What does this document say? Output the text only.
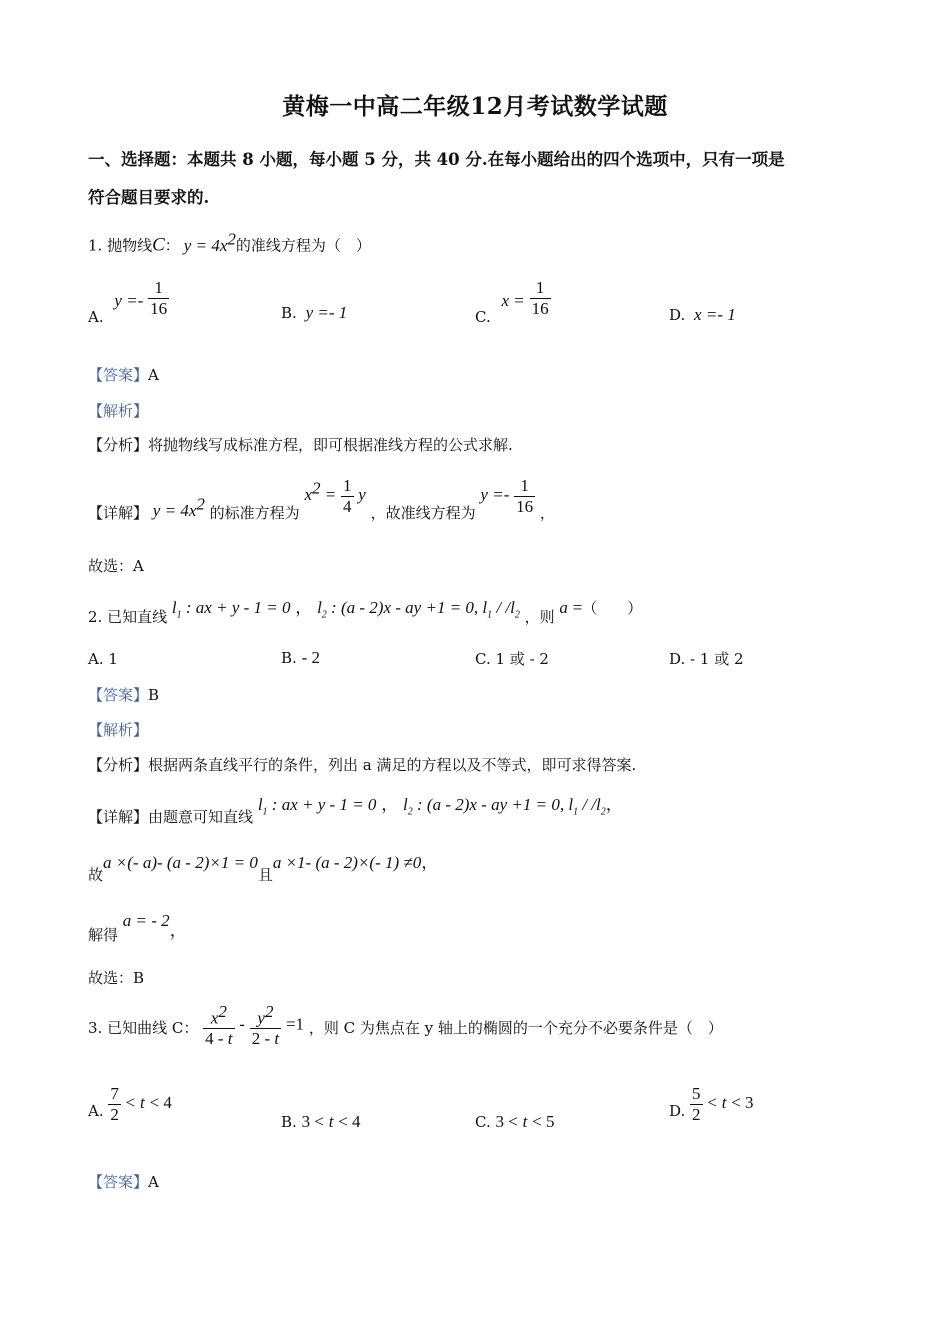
黄梅一中高二年级12月考试数学试题
一、选择题：本题共 8 小题，每小题 5 分，共 40 分.在每小题给出的四个选项中，只有一项是
符合题目要求的.
1. 抛物线C： $y = 4x^2$的准线方程为（　）
A. $y =- \frac{1}{16}$	B. y =- 1	C. $x = \frac{1}{16}$	D. x =- 1
【答案】A
【解析】
【分析】将抛物线写成标准方程，即可根据准线方程的公式求解.
【详解】 $y = 4x^2$ 的标准方程为 $x^2 = \frac{1}{4}$ y ，故准线方程为 $y =- \frac{1}{16}$ ，
故选：A
2. 已知直线 $l_1$ : ax + y - 1 = 0 ， $l_2$ : (a - 2)x - ay +1 = 0, $l_1 / /l_2$ ，则 a =（　　）
A. 1	B. - 2	C. 1 或 - 2	D. - 1 或 2
【答案】B
【解析】
【分析】根据两条直线平行的条件，列出 a 满足的方程以及不等式，即可求得答案.
【详解】由题意可知直线 $l_1$ : ax + y - 1 = 0 ， $l_2$ : (a - 2)x - ay +1 = 0, $l_1 / /l_2$，
故a ×(- a)- (a - 2)×1 = 0且a ×1- (a - 2)×(- 1) ≠0，
解得 a = - 2，
故选：B
3. 已知曲线 C： $\frac{x^2}{4 - t} - \frac{y^2}{2 - t} =1$ ，则 C 为焦点在 y 轴上的椭圆的一个充分不必要条件是（　）
A. $\frac{7}{2} < t < 4$
B. 3 < t < 4	C. 3 < t < 5
D. $\frac{5}{2} < t < 3$
【答案】A
